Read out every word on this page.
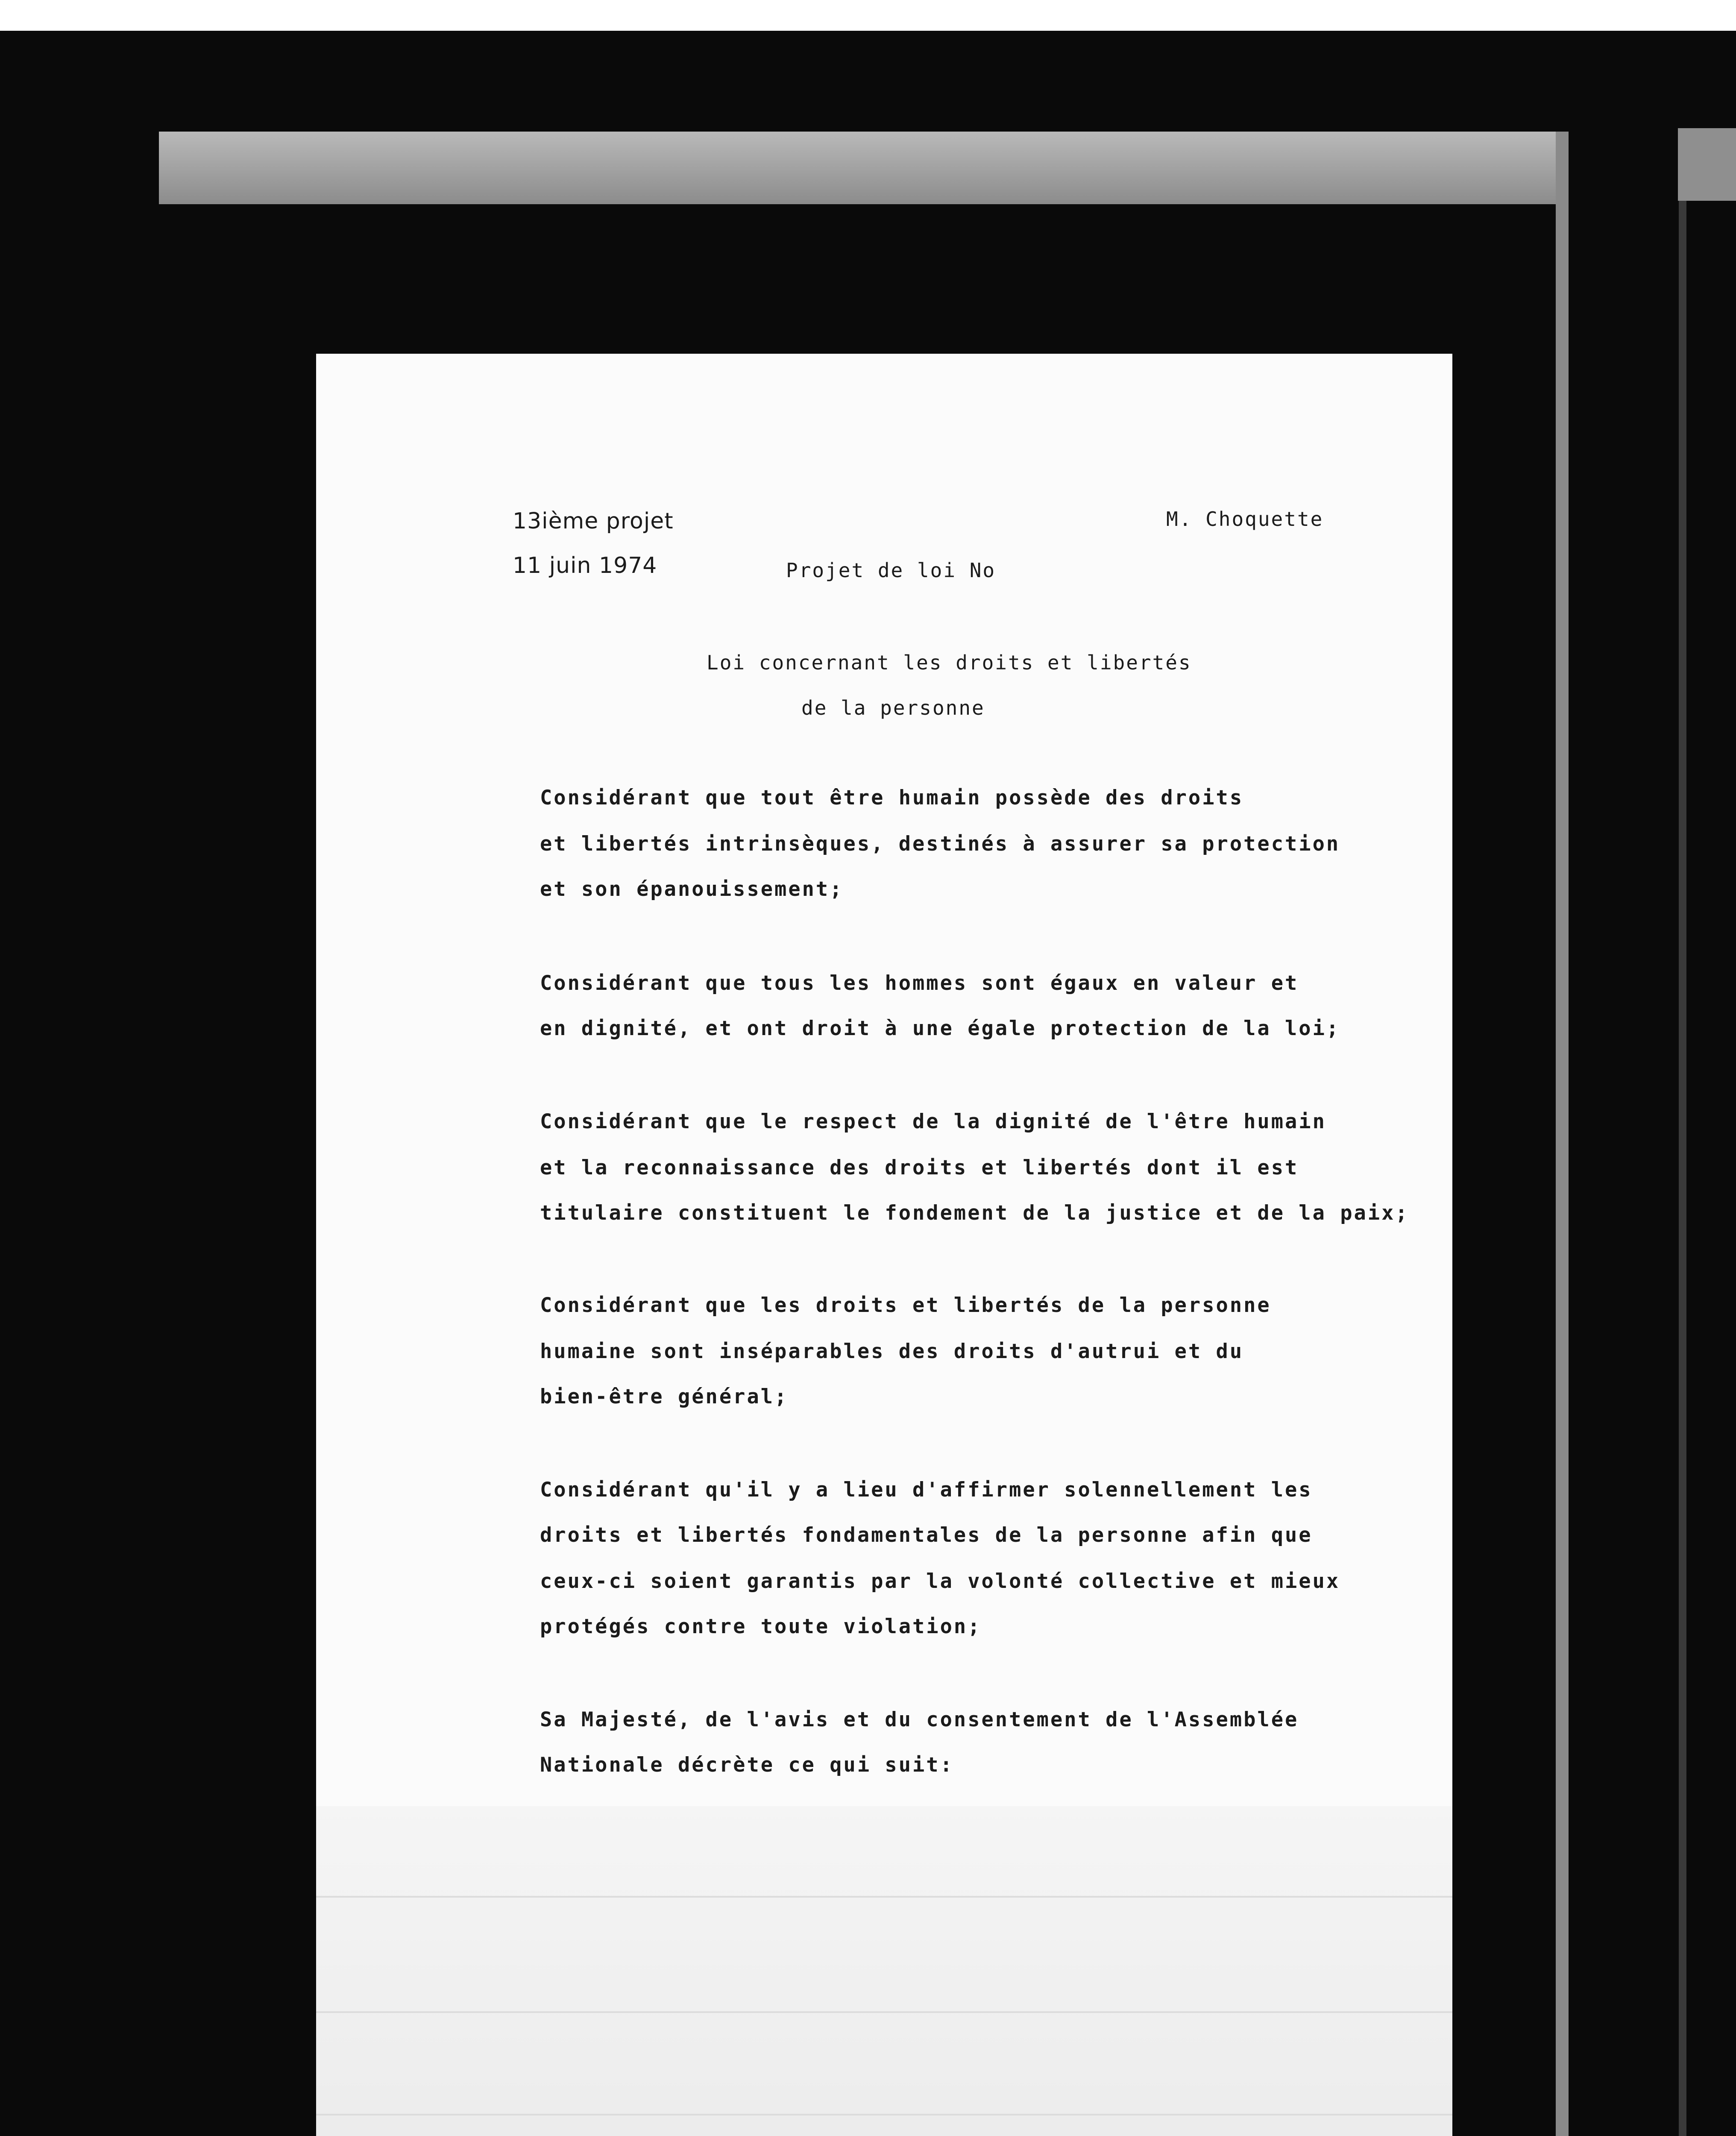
13ième projet
11 juin 1974
M. Choquette
Projet de loi No
Loi concernant les droits et libertés
de la personne
Considérant que tout être humain possède des droits
et libertés intrinsèques, destinés à assurer sa protection
et son épanouissement;
Considérant que tous les hommes sont égaux en valeur et
en dignité, et ont droit à une égale protection de la loi;
Considérant que le respect de la dignité de l'être humain
et la reconnaissance des droits et libertés dont il est
titulaire constituent le fondement de la justice et de la paix;
Considérant que les droits et libertés de la personne
humaine sont inséparables des droits d'autrui et du
bien-être général;
Considérant qu'il y a lieu d'affirmer solennellement les
droits et libertés fondamentales de la personne afin que
ceux-ci soient garantis par la volonté collective et mieux
protégés contre toute violation;
Sa Majesté, de l'avis et du consentement de l'Assemblée
Nationale décrète ce qui suit:
